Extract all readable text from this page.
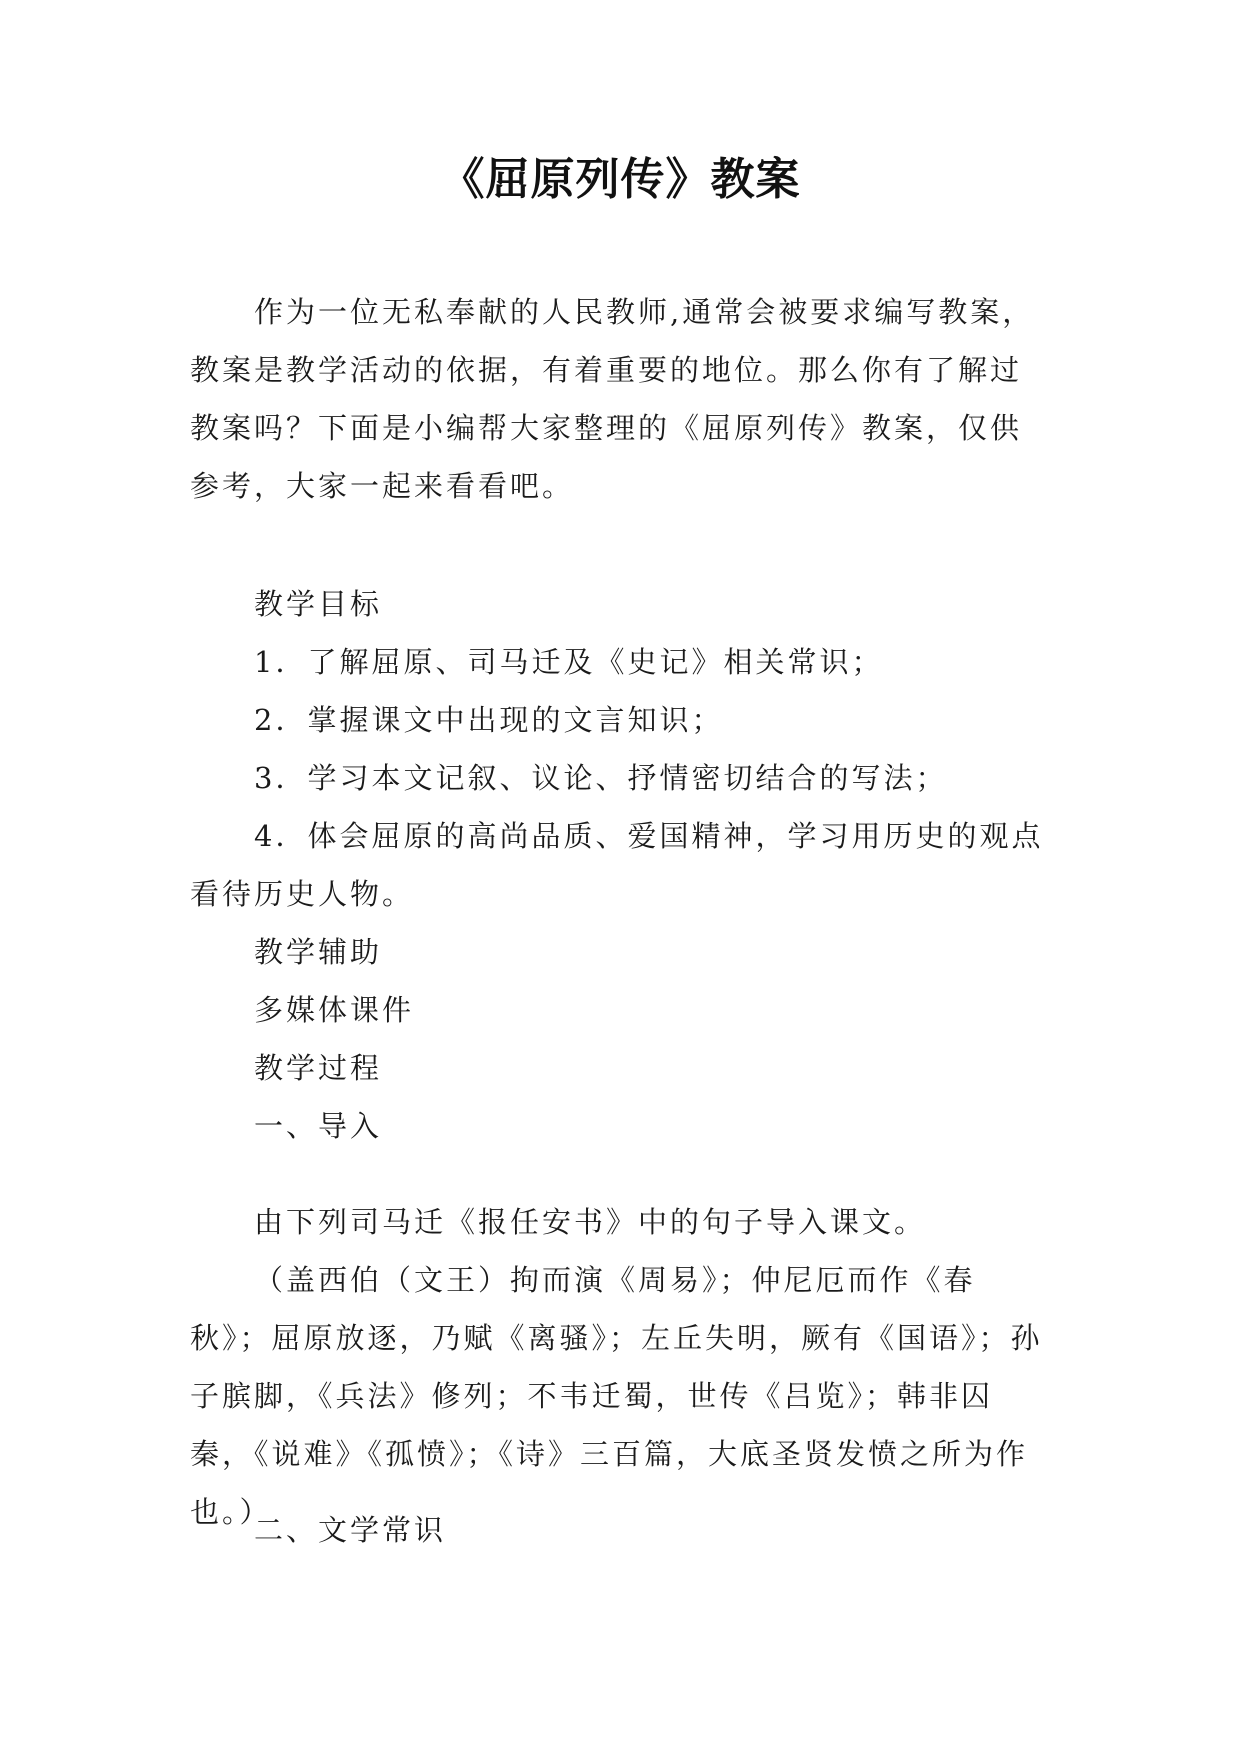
《屈原列传》教案

作为一位无私奉献的人民教师,通常会被要求编写教案，教案是教学活动的依据，有着重要的地位。那么你有了解过教案吗？下面是小编帮大家整理的《屈原列传》教案，仅供参考，大家一起来看看吧。

教学目标

1．了解屈原、司马迁及《史记》相关常识；

2．掌握课文中出现的文言知识；

3．学习本文记叙、议论、抒情密切结合的写法；

4．体会屈原的高尚品质、爱国精神，学习用历史的观点看待历史人物。

教学辅助

多媒体课件

教学过程

一、导入

由下列司马迁《报任安书》中的句子导入课文。

（盖西伯（文王）拘而演《周易》；仲尼厄而作《春秋》；屈原放逐，乃赋《离骚》；左丘失明，厥有《国语》；孙子膑脚，《兵法》修列；不韦迁蜀，世传《吕览》；韩非囚秦，《说难》《孤愤》；《诗》三百篇，大底圣贤发愤之所为作也。）

二、文学常识
